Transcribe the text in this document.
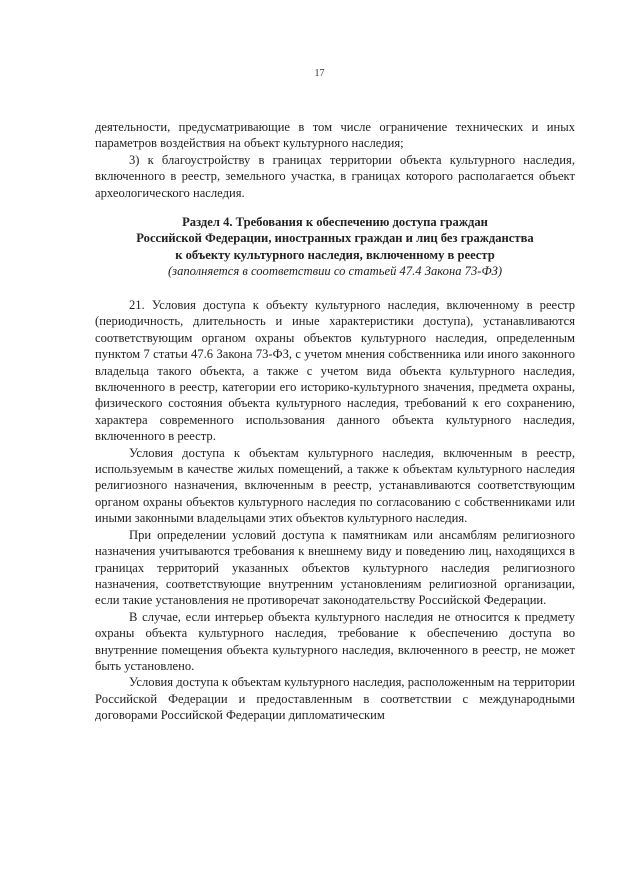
17

деятельности, предусматривающие в том числе ограничение технических и иных параметров воздействия на объект культурного наследия;

3) к благоустройству в границах территории объекта культурного наследия, включенного в реестр, земельного участка, в границах которого располагается объект археологического наследия.

Раздел 4. Требования к обеспечению доступа граждан

Российской Федерации, иностранных граждан и лиц без гражданства

к объекту культурного наследия, включенному в реестр

(заполняется в соответствии со статьей 47.4 Закона 73-ФЗ)

21. Условия доступа к объекту культурного наследия, включенному в реестр (периодичность, длительность и иные характеристики доступа), устанавливаются соответствующим органом охраны объектов культурного наследия, определенным пунктом 7 статьи 47.6 Закона 73-ФЗ, с учетом мнения собственника или иного законного владельца такого объекта, а также с учетом вида объекта культурного наследия, включенного в реестр, категории его историко-культурного значения, предмета охраны, физического состояния объекта культурного наследия, требований к его сохранению, характера современного использования данного объекта культурного наследия, включенного в реестр.

Условия доступа к объектам культурного наследия, включенным в реестр, используемым в качестве жилых помещений, а также к объектам культурного наследия религиозного назначения, включенным в реестр, устанавливаются соответствующим органом охраны объектов культурного наследия по согласованию с собственниками или иными законными владельцами этих объектов культурного наследия.

При определении условий доступа к памятникам или ансамблям религиозного назначения учитываются требования к внешнему виду и поведению лиц, находящихся в границах территорий указанных объектов культурного наследия религиозного назначения, соответствующие внутренним установлениям религиозной организации, если такие установления не противоречат законодательству Российской Федерации.

В случае, если интерьер объекта культурного наследия не относится к предмету охраны объекта культурного наследия, требование к обеспечению доступа во внутренние помещения объекта культурного наследия, включенного в реестр, не может быть установлено.

Условия доступа к объектам культурного наследия, расположенным на территории Российской Федерации и предоставленным в соответствии с международными договорами Российской Федерации дипломатическим
